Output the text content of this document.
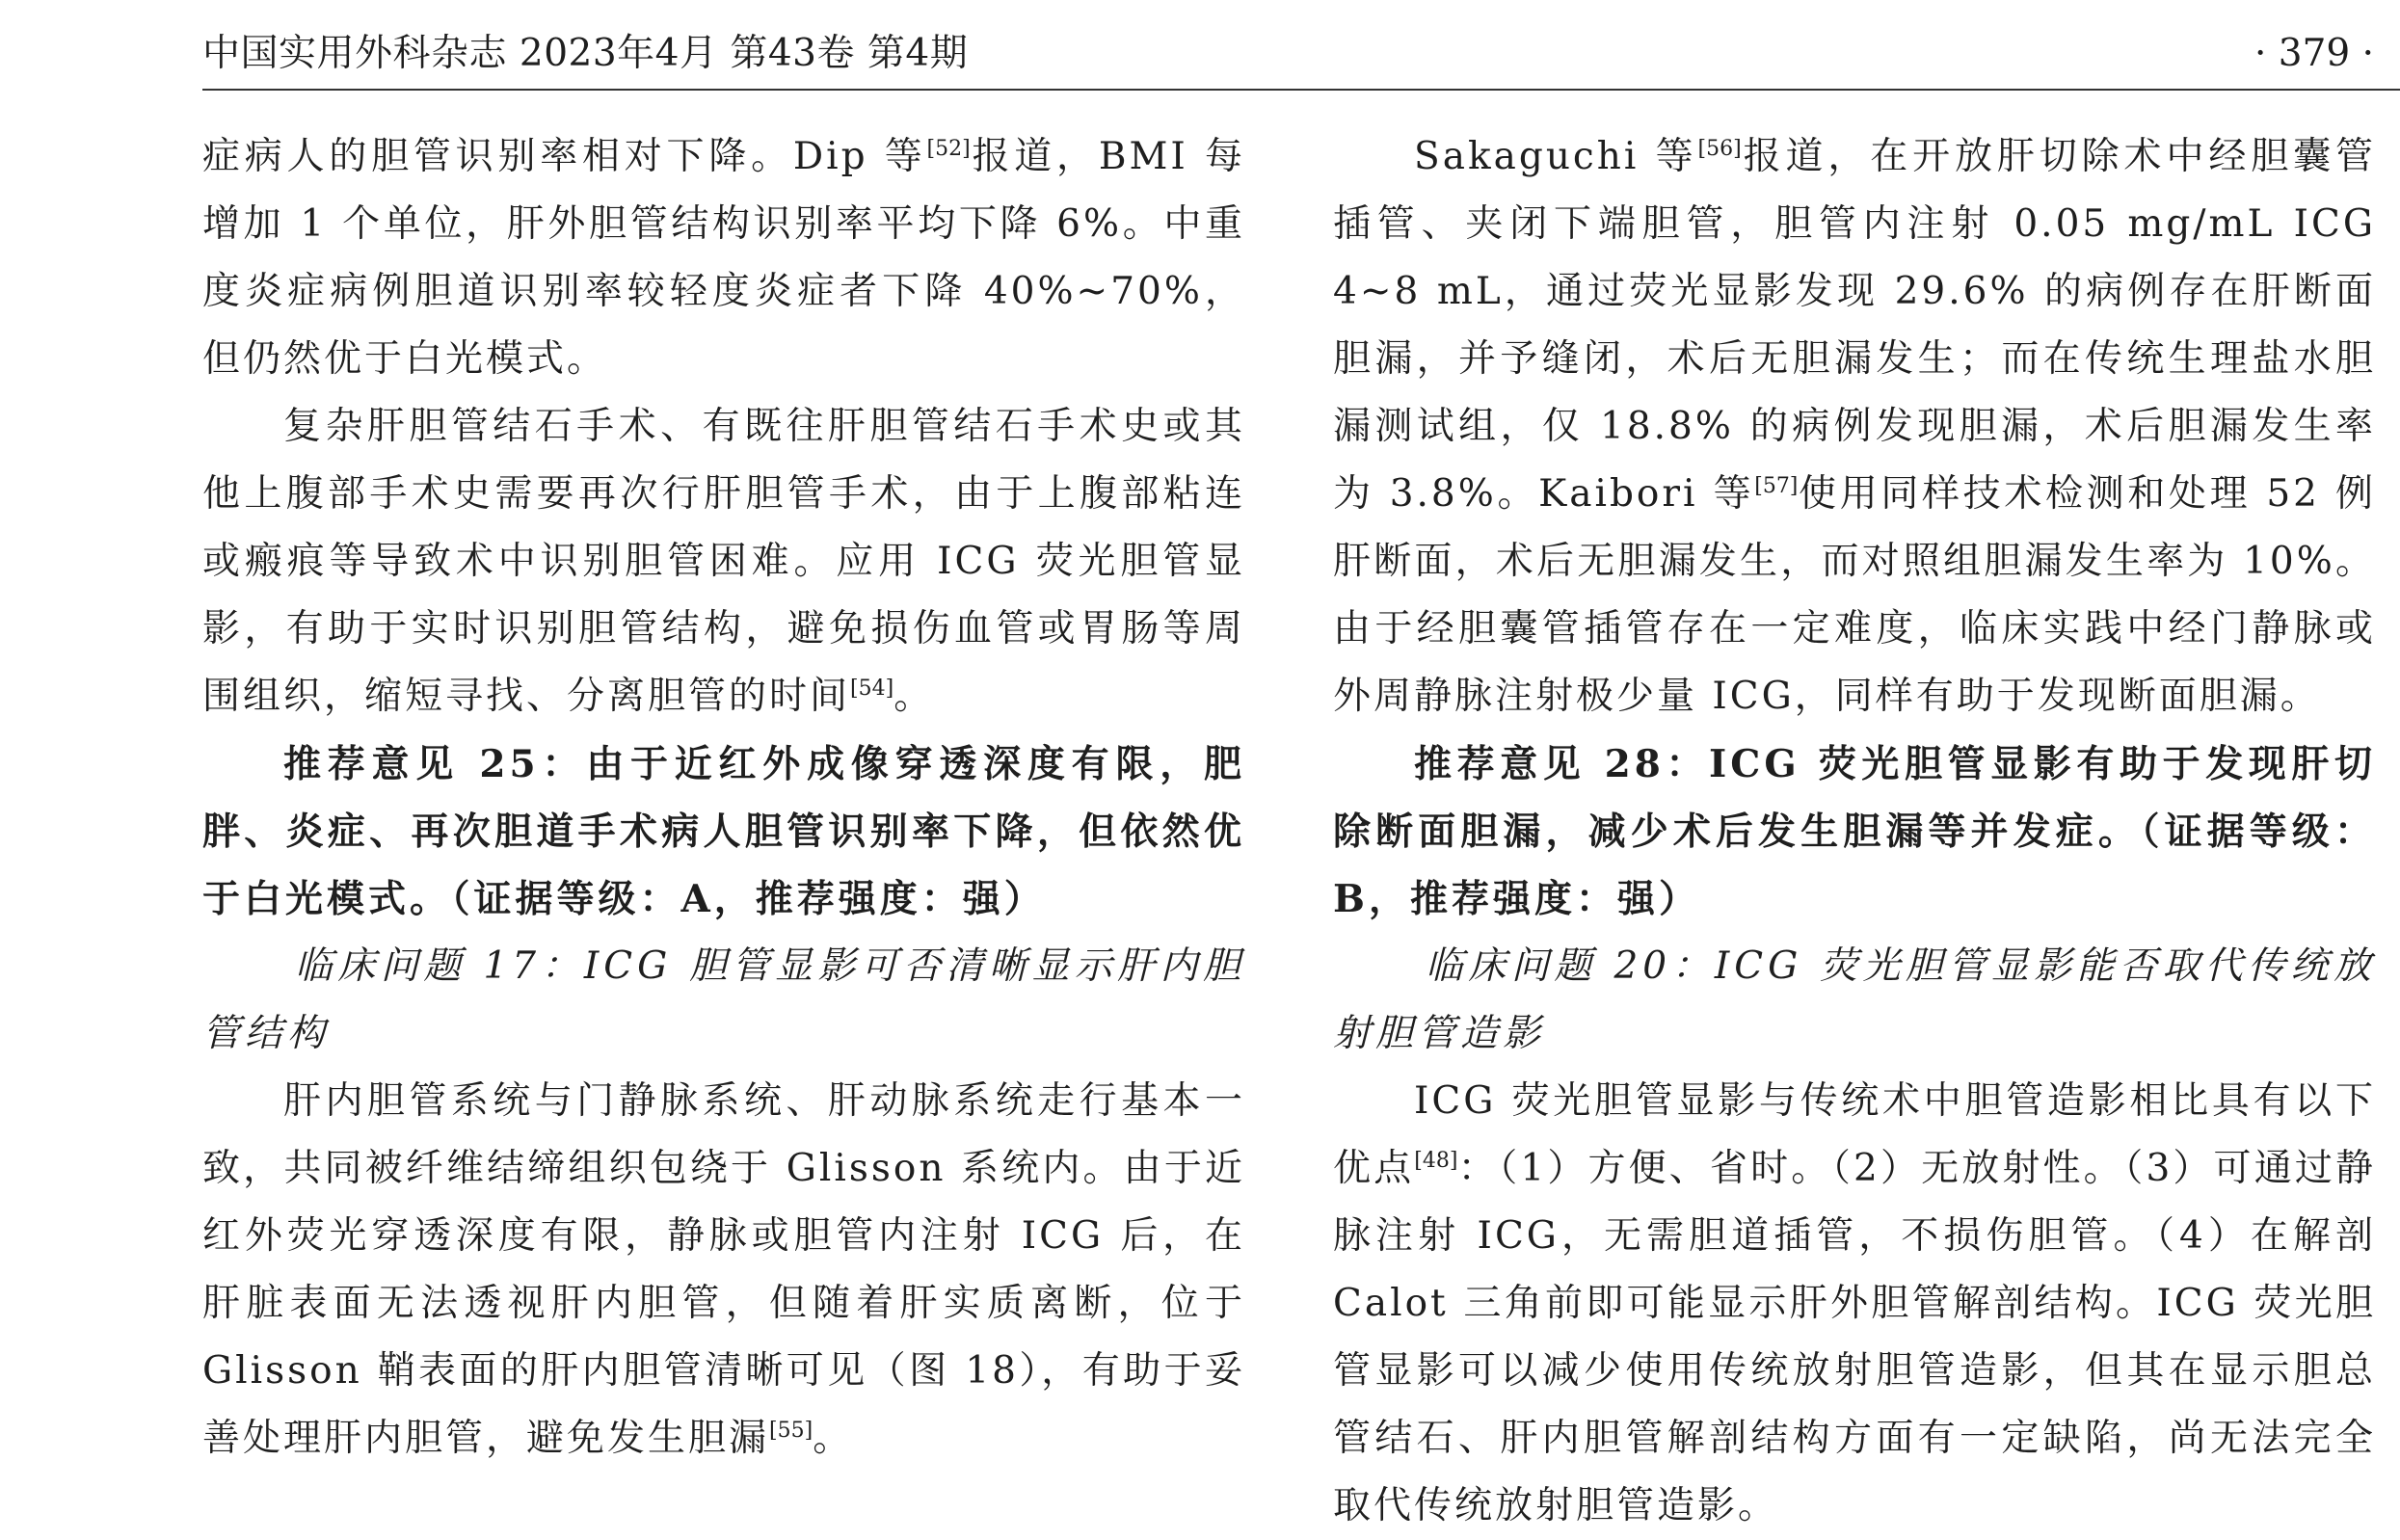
中国实用外科杂志 2023年4月 第43卷 第4期	· 379 ·

症病人的胆管识别率相对下降。Dip 等[52]报道，BMI 每增加 1 个单位，肝外胆管结构识别率平均下降 6%。中重度炎症病例胆道识别率较轻度炎症者下降 40%~70%，但仍然优于白光模式。

复杂肝胆管结石手术、有既往肝胆管结石手术史或其他上腹部手术史需要再次行肝胆管手术，由于上腹部粘连或瘢痕等导致术中识别胆管困难。应用 ICG 荧光胆管显影，有助于实时识别胆管结构，避免损伤血管或胃肠等周围组织，缩短寻找、分离胆管的时间[54]。

推荐意见 25：由于近红外成像穿透深度有限，肥胖、炎症、再次胆道手术病人胆管识别率下降，但依然优于白光模式。（证据等级：A，推荐强度：强）

临床问题 17：ICG 胆管显影可否清晰显示肝内胆管结构

肝内胆管系统与门静脉系统、肝动脉系统走行基本一致，共同被纤维结缔组织包绕于 Glisson 系统内。由于近红外荧光穿透深度有限，静脉或胆管内注射 ICG 后，在肝脏表面无法透视肝内胆管，但随着肝实质离断，位于 Glisson 鞘表面的肝内胆管清晰可见（图 18），有助于妥善处理肝内胆管，避免发生胆漏[55]。

Sakaguchi 等[56]报道，在开放肝切除术中经胆囊管插管、夹闭下端胆管，胆管内注射 0.05 mg/mL ICG 4~8 mL，通过荧光显影发现 29.6% 的病例存在肝断面胆漏，并予缝闭，术后无胆漏发生；而在传统生理盐水胆漏测试组，仅 18.8% 的病例发现胆漏，术后胆漏发生率为 3.8%。Kaibori 等[57]使用同样技术检测和处理 52 例肝断面，术后无胆漏发生，而对照组胆漏发生率为 10%。由于经胆囊管插管存在一定难度，临床实践中经门静脉或外周静脉注射极少量 ICG，同样有助于发现断面胆漏。

推荐意见 28：ICG 荧光胆管显影有助于发现肝切除断面胆漏，减少术后发生胆漏等并发症。（证据等级：B，推荐强度：强）

临床问题 20：ICG 荧光胆管显影能否取代传统放射胆管造影

ICG 荧光胆管显影与传统术中胆管造影相比具有以下优点[48]：（1）方便、省时。（2）无放射性。（3）可通过静脉注射 ICG，无需胆道插管，不损伤胆管。（4）在解剖 Calot 三角前即可能显示肝外胆管解剖结构。ICG 荧光胆管显影可以减少使用传统放射胆管造影，但其在显示胆总管结石、肝内胆管解剖结构方面有一定缺陷，尚无法完全取代传统放射胆管造影。
